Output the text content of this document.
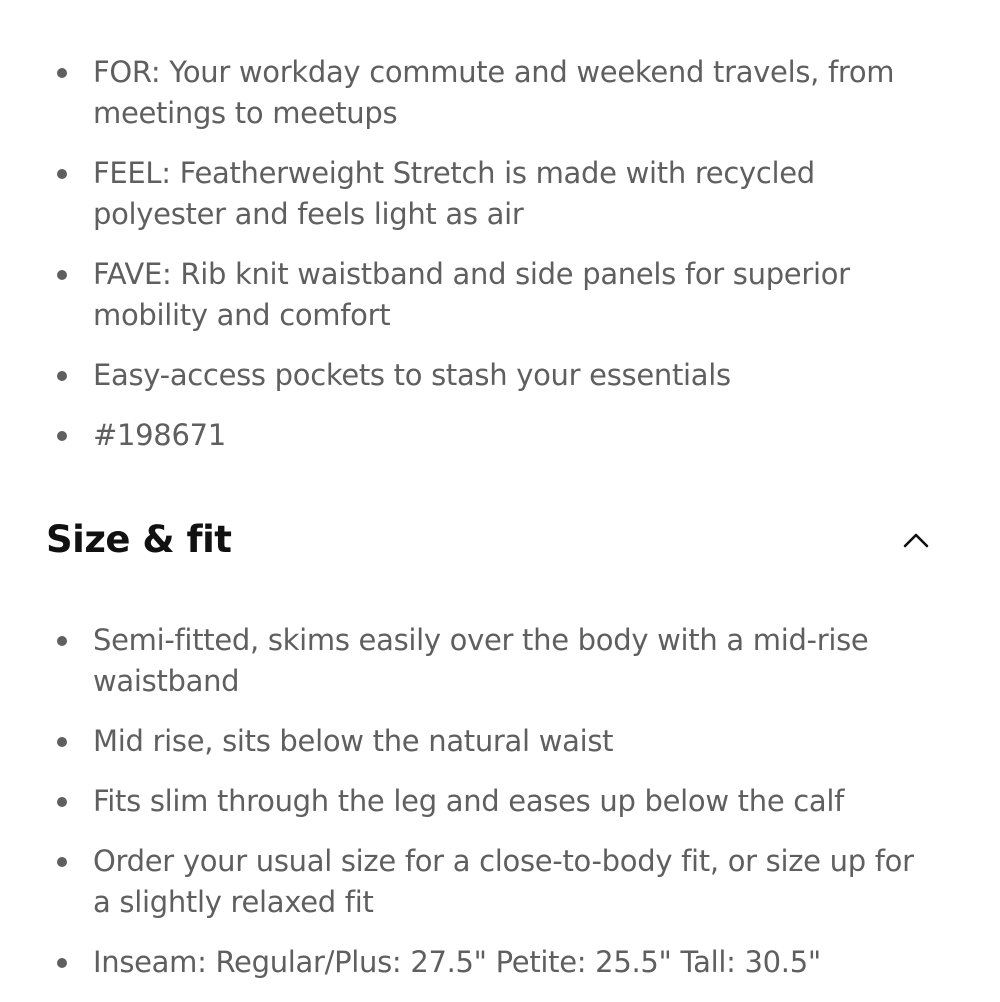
FOR: Your workday commute and weekend travels, from meetings to meetups
FEEL: Featherweight Stretch is made with recycled polyester and feels light as air
FAVE: Rib knit waistband and side panels for superior mobility and comfort
Easy-access pockets to stash your essentials
#198671
Size & fit
Semi-fitted, skims easily over the body with a mid-rise waistband
Mid rise, sits below the natural waist
Fits slim through the leg and eases up below the calf
Order your usual size for a close-to-body fit, or size up for a slightly relaxed fit
Inseam: Regular/Plus: 27.5" Petite: 25.5" Tall: 30.5"
